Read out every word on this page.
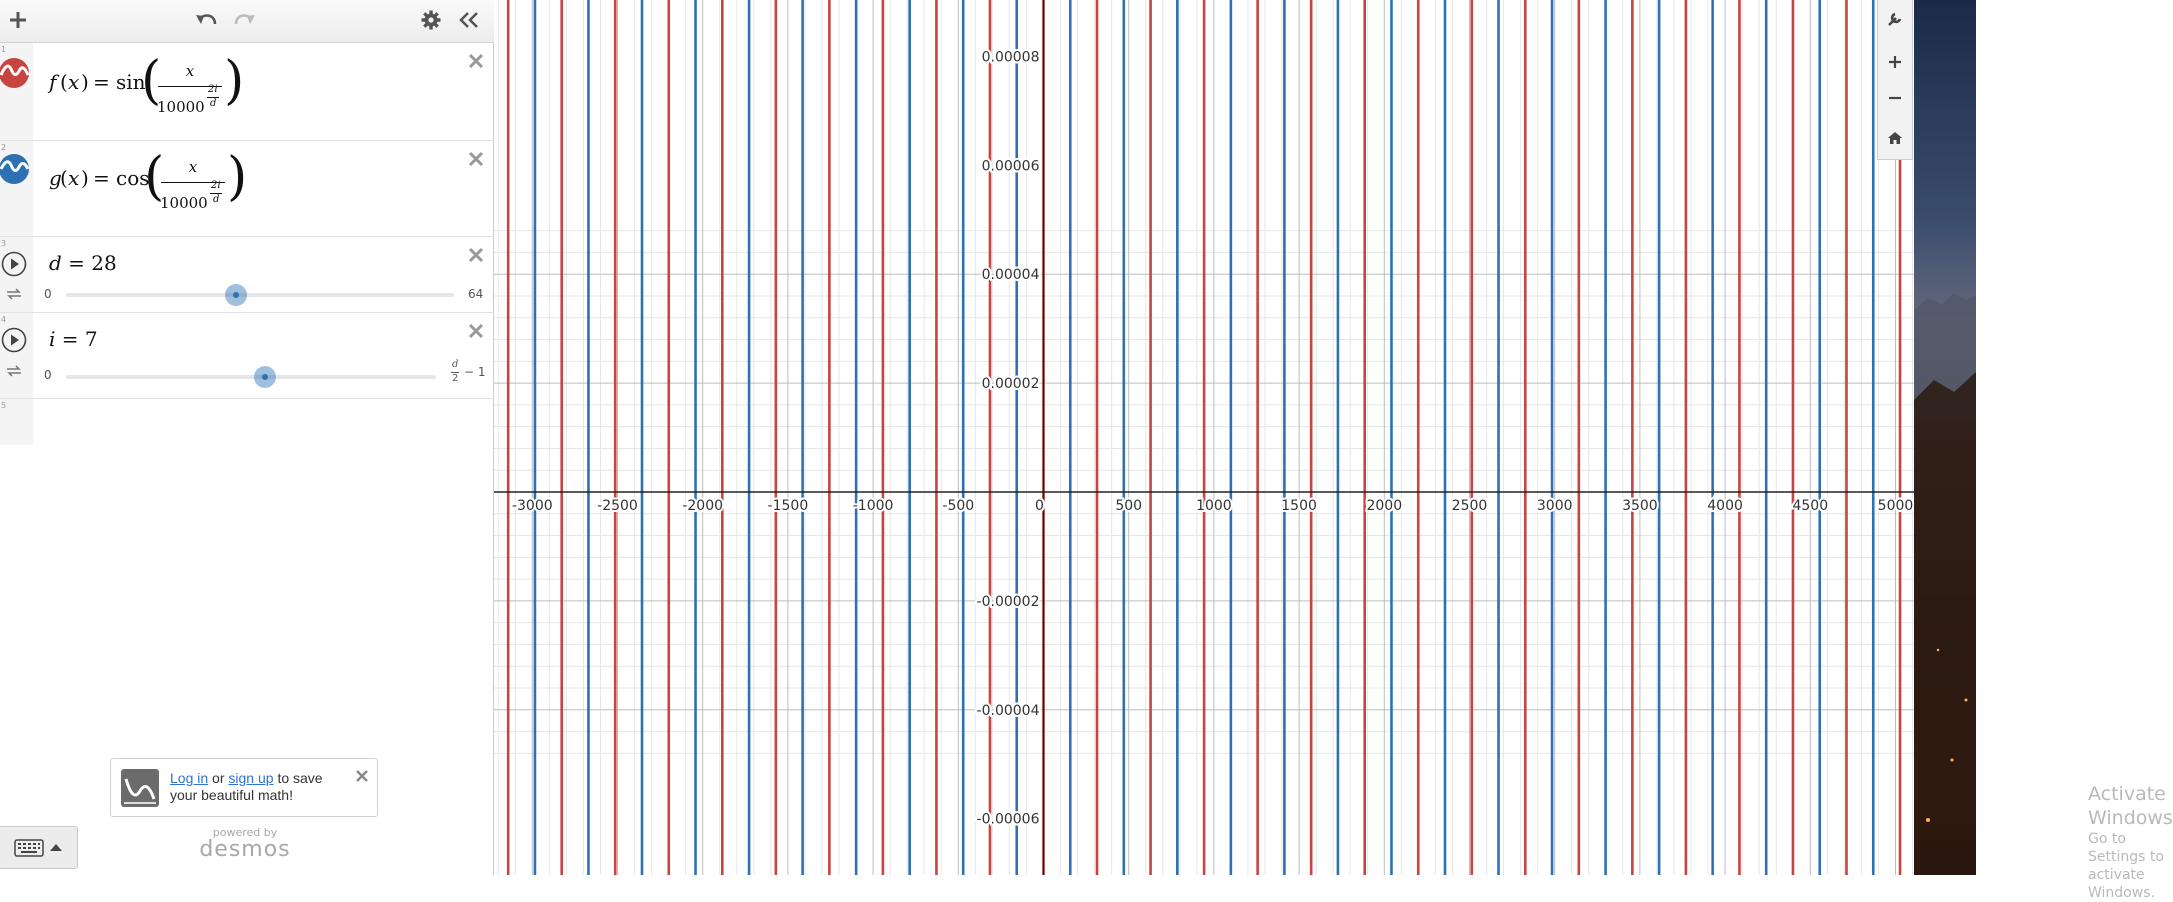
1
f ( x ) = sin
(	x
10000
2i
d )
2
g
( x ) = cos
(	x
10000
2i
d )
3
d = 28
0	64
4
i = 7
0
d
2 − 1
5
Log in or sign up to save
your beautiful math!
powered by
desmos
-3000	-2500	-2000	-1500	-1000	-500	0	500	1000	1500	2000	2500	3000	3500	4000	4500	5000
0.00008
0.00006
0.00004
0.00002
-0.00002
-0.00004
-0.00006
Activate Windows
Go to Settings to activate Windows.
